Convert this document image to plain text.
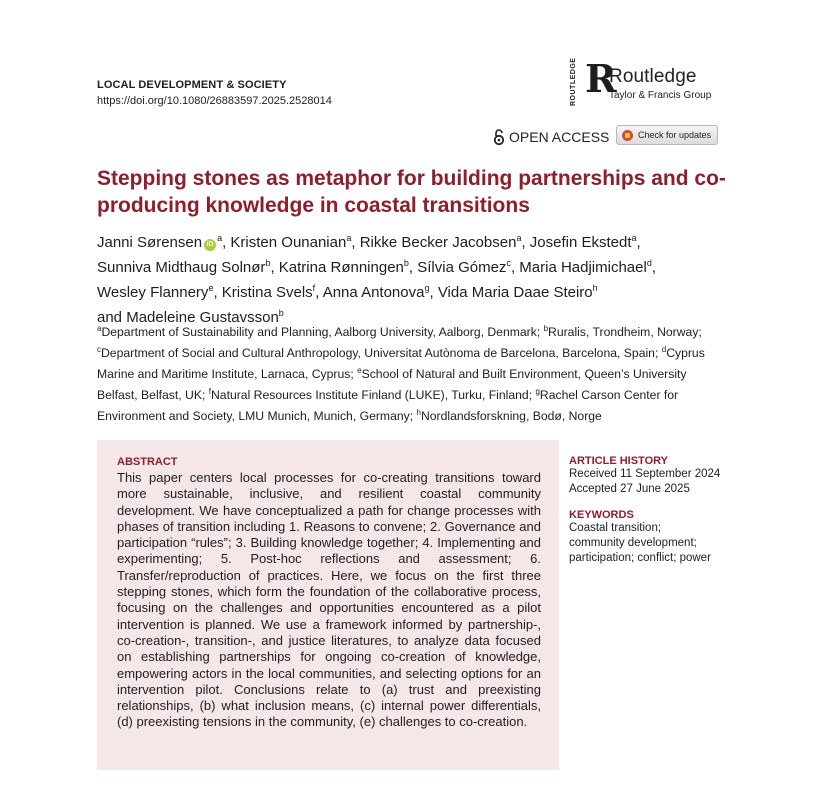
LOCAL DEVELOPMENT & SOCIETY
https://doi.org/10.1080/26883597.2025.2528014	ROUTLEDGE R
Routledge
Taylor & Francis Group
OPEN ACCESS	Check for updates
Stepping stones as metaphor for building partnerships and co-producing knowledge in coastal transitions
Janni Sørensen $iD^a$, Kristen Ounanian$^a$, Rikke Becker Jacobsen$^a$, Josefin Ekstedt$^a$,
Sunniva Midthaug Solnør$^b$, Katrina Rønningen$^b$, Sílvia Gómez$^c$, Maria Hadjimichael$^d$,
Wesley Flannery$^e$, Kristina Svels$^f$, Anna Antonova$^g$, Vida Maria Daae Steiro$^h$
and Madeleine Gustavsson$^b$
$^a$Department of Sustainability and Planning, Aalborg University, Aalborg, Denmark; $^b$Ruralis, Trondheim, Norway; $^c$Department of Social and Cultural Anthropology, Universitat Autònoma de Barcelona, Barcelona, Spain; $^d$Cyprus Marine and Maritime Institute, Larnaca, Cyprus; $^e$School of Natural and Built Environment, Queen’s University Belfast, Belfast, UK; $^f$Natural Resources Institute Finland (LUKE), Turku, Finland; $^g$Rachel Carson Center for Environment and Society, LMU Munich, Munich, Germany; $^h$Nordlandsforskning, Bodø, Norge
ABSTRACT
This paper centers local processes for co-creating transitions toward more sustainable, inclusive, and resilient coastal community development. We have conceptualized a path for change processes with phases of transition including 1. Reasons to convene; 2. Governance and participation “rules”; 3. Building knowledge together; 4. Implementing and experimenting; 5. Post-hoc reflections and assessment; 6. Transfer/reproduction of practices. Here, we focus on the first three stepping stones, which form the foundation of the collaborative process, focusing on the challenges and opportunities encountered as a pilot intervention is planned. We use a framework informed by partnership-, co-creation-, transition-, and justice literatures, to analyze data focused on establishing partnerships for ongoing co-creation of knowledge, empowering actors in the local communities, and selecting options for an intervention pilot. Conclusions relate to (a) trust and preexisting relationships, (b) what inclusion means, (c) internal power differentials, (d) preexisting tensions in the community, (e) challenges to co-creation.
ARTICLE HISTORY
Received 11 September 2024
Accepted 27 June 2025
KEYWORDS
Coastal transition;
community development;
participation; conflict; power
